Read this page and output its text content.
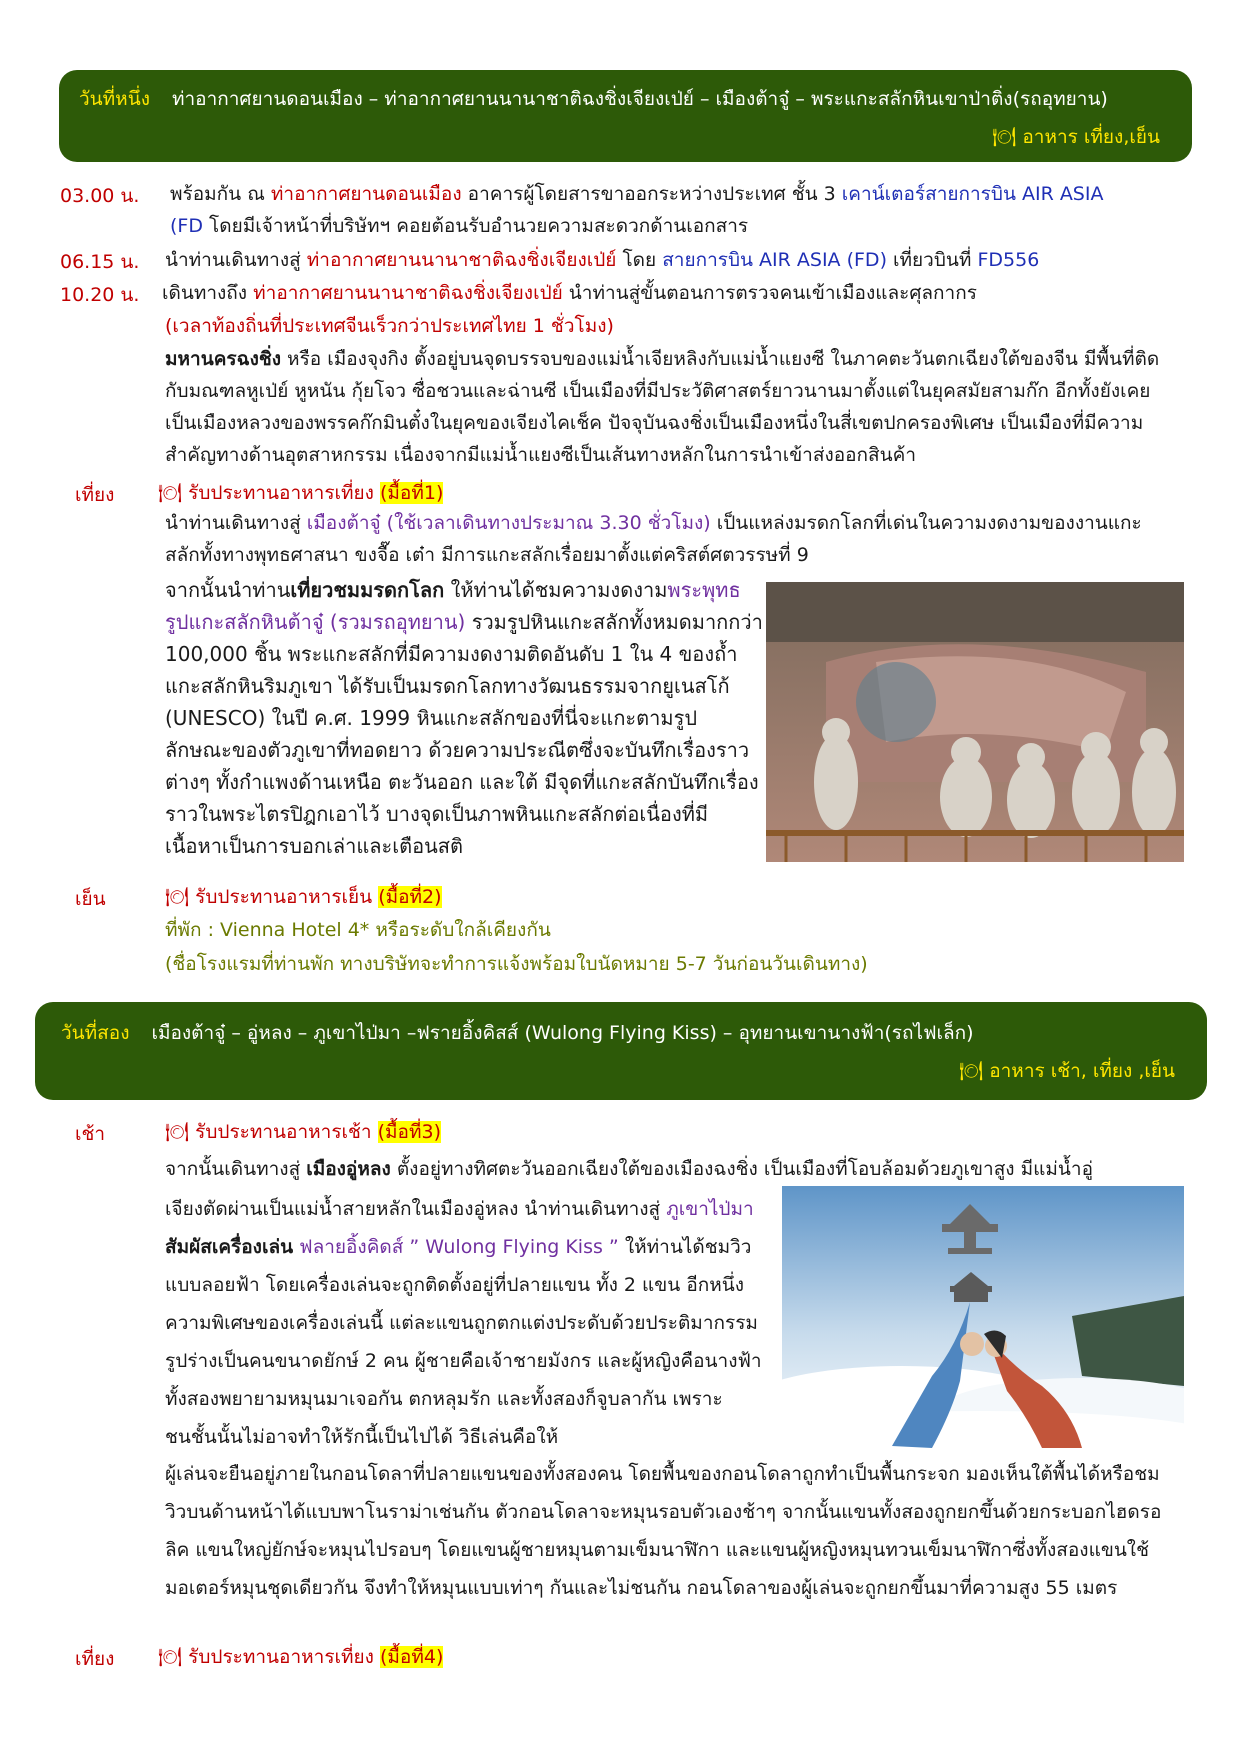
วันที่หนึ่ง ท่าอากาศยานดอนเมือง – ท่าอากาศยานนานาชาติฉงชิ่งเจียงเป่ย์ – เมืองต้าจู๋ – พระแกะสลักหินเขาป่าติ่ง(รถอุทยาน)
🍽 อาหาร เที่ยง,เย็น
03.00 น. พร้อมกัน ณ ท่าอากาศยานดอนเมือง อาคารผู้โดยสารขาออกระหว่างประเทศ ชั้น 3 เคาน์เตอร์สายการบิน AIR ASIA
(FD โดยมีเจ้าหน้าที่บริษัทฯ คอยต้อนรับอำนวยความสะดวกด้านเอกสาร
06.15 น. นำท่านเดินทางสู่ ท่าอากาศยานนานาชาติฉงชิ่งเจียงเป่ย์ โดย สายการบิน AIR ASIA (FD) เที่ยวบินที่ FD556
10.20 น. เดินทางถึง ท่าอากาศยานนานาชาติฉงชิ่งเจียงเป่ย์ นำท่านสู่ขั้นตอนการตรวจคนเข้าเมืองและศุลกากร
(เวลาท้องถิ่นที่ประเทศจีนเร็วกว่าประเทศไทย 1 ชั่วโมง)
มหานครฉงชิ่ง หรือ เมืองจุงกิง ตั้งอยู่บนจุดบรรจบของแม่น้ำเจียหลิงกับแม่น้ำแยงซี ในภาคตะวันตกเฉียงใต้ของจีน มีพื้นที่ติดกับมณฑลหูเป่ย์ หูหนัน กุ้ยโจว ซื่อชวนและฉ่านซี เป็นเมืองที่มีประวัติศาสตร์ยาวนานมาตั้งแต่ในยุคสมัยสามก๊ก อีกทั้งยังเคยเป็นเมืองหลวงของพรรคก๊กมินตั๋งในยุคของเจียงไคเช็ค ปัจจุบันฉงชิ่งเป็นเมืองหนึ่งในสี่เขตปกครองพิเศษ เป็นเมืองที่มีความสำคัญทางด้านอุตสาหกรรม เนื่องจากมีแม่น้ำแยงซีเป็นเส้นทางหลักในการนำเข้าส่งออกสินค้า
เที่ยง 🍽 รับประทานอาหารเที่ยง (มื้อที่1)
นำท่านเดินทางสู่ เมืองต้าจู๋ (ใช้เวลาเดินทางประมาณ 3.30 ชั่วโมง) เป็นแหล่งมรดกโลกที่เด่นในความงดงามของงานแกะสลักทั้งทางพุทธศาสนา ขงจื๊อ เต๋า มีการแกะสลักเรื่อยมาตั้งแต่คริสต์ศตวรรษที่ 9
จากนั้นนำท่านเที่ยวชมมรดกโลก ให้ท่านได้ชมความงดงามพระพุทธรูปแกะสลักหินต้าจู๋ (รวมรถอุทยาน) รวมรูปหินแกะสลักทั้งหมดมากกว่า 100,000 ชิ้น พระแกะสลักที่มีความงดงามติดอันดับ 1 ใน 4 ของถ้ำแกะสลักหินริมภูเขา ได้รับเป็นมรดกโลกทางวัฒนธรรมจากยูเนสโก้ (UNESCO) ในปี ค.ศ. 1999 หินแกะสลักของที่นี่จะแกะตามรูปลักษณะของตัวภูเขาที่ทอดยาว ด้วยความประณีตซึ่งจะบันทึกเรื่องราวต่างๆ ทั้งกำแพงด้านเหนือ ตะวันออก และใต้ มีจุดที่แกะสลักบันทึกเรื่องราวในพระไตรปิฎกเอาไว้ บางจุดเป็นภาพหินแกะสลักต่อเนื่องที่มีเนื้อหาเป็นการบอกเล่าและเตือนสติ
เย็น	🍽 รับประทานอาหารเย็น (มื้อที่2)
ที่พัก : Vienna Hotel 4* หรือระดับใกล้เคียงกัน
(ชื่อโรงแรมที่ท่านพัก ทางบริษัทจะทำการแจ้งพร้อมใบนัดหมาย 5-7 วันก่อนวันเดินทาง)
วันที่สอง เมืองต้าจู๋ – อู่หลง – ภูเขาไป่มา –ฟรายอิ้งคิสส์ (Wulong Flying Kiss) – อุทยานเขานางฟ้า(รถไฟเล็ก)
🍽 อาหาร เช้า, เที่ยง ,เย็น
เช้า	🍽 รับประทานอาหารเช้า (มื้อที่3)
จากนั้นเดินทางสู่ เมืองอู่หลง ตั้งอยู่ทางทิศตะวันออกเฉียงใต้ของเมืองฉงชิ่ง เป็นเมืองที่โอบล้อมด้วยภูเขาสูง มีแม่น้ำอู่
เจียงตัดผ่านเป็นแม่น้ำสายหลักในเมืองอู่หลง นำท่านเดินทางสู่ ภูเขาไป่มา สัมผัสเครื่องเล่น ฟลายอิ้งคิดส์ ” Wulong Flying Kiss ” ให้ท่านได้ชมวิวแบบลอยฟ้า โดยเครื่องเล่นจะถูกติดตั้งอยู่ที่ปลายแขน ทั้ง 2 แขน อีกหนึ่งความพิเศษของเครื่องเล่นนี้ แต่ละแขนถูกตกแต่งประดับด้วยประติมากรรม รูปร่างเป็นคนขนาดยักษ์ 2 คน ผู้ชายคือเจ้าชายมังกร และผู้หญิงคือนางฟ้า ทั้งสองพยายามหมุนมาเจอกัน ตกหลุมรัก และทั้งสองก็จูบลากัน เพราะชนชั้นนั้นไม่อาจทำให้รักนี้เป็นไปได้ วิธีเล่นคือให้
ผู้เล่นจะยืนอยู่ภายในกอนโดลาที่ปลายแขนของทั้งสองคน โดยพื้นของกอนโดลาถูกทำเป็นพื้นกระจก มองเห็นใต้พื้นได้หรือชมวิวบนด้านหน้าได้แบบพาโนราม่าเช่นกัน ตัวกอนโดลาจะหมุนรอบตัวเองช้าๆ จากนั้นแขนทั้งสองถูกยกขึ้นด้วยกระบอกไฮดรอลิค แขนใหญ่ยักษ์จะหมุนไปรอบๆ โดยแขนผู้ชายหมุนตามเข็มนาฬิกา และแขนผู้หญิงหมุนทวนเข็มนาฬิกาซึ่งทั้งสองแขนใช้มอเตอร์หมุนชุดเดียวกัน จึงทำให้หมุนแบบเท่าๆ กันและไม่ชนกัน กอนโดลาของผู้เล่นจะถูกยกขึ้นมาที่ความสูง 55 เมตร
เที่ยง 🍽 รับประทานอาหารเที่ยง (มื้อที่4)
